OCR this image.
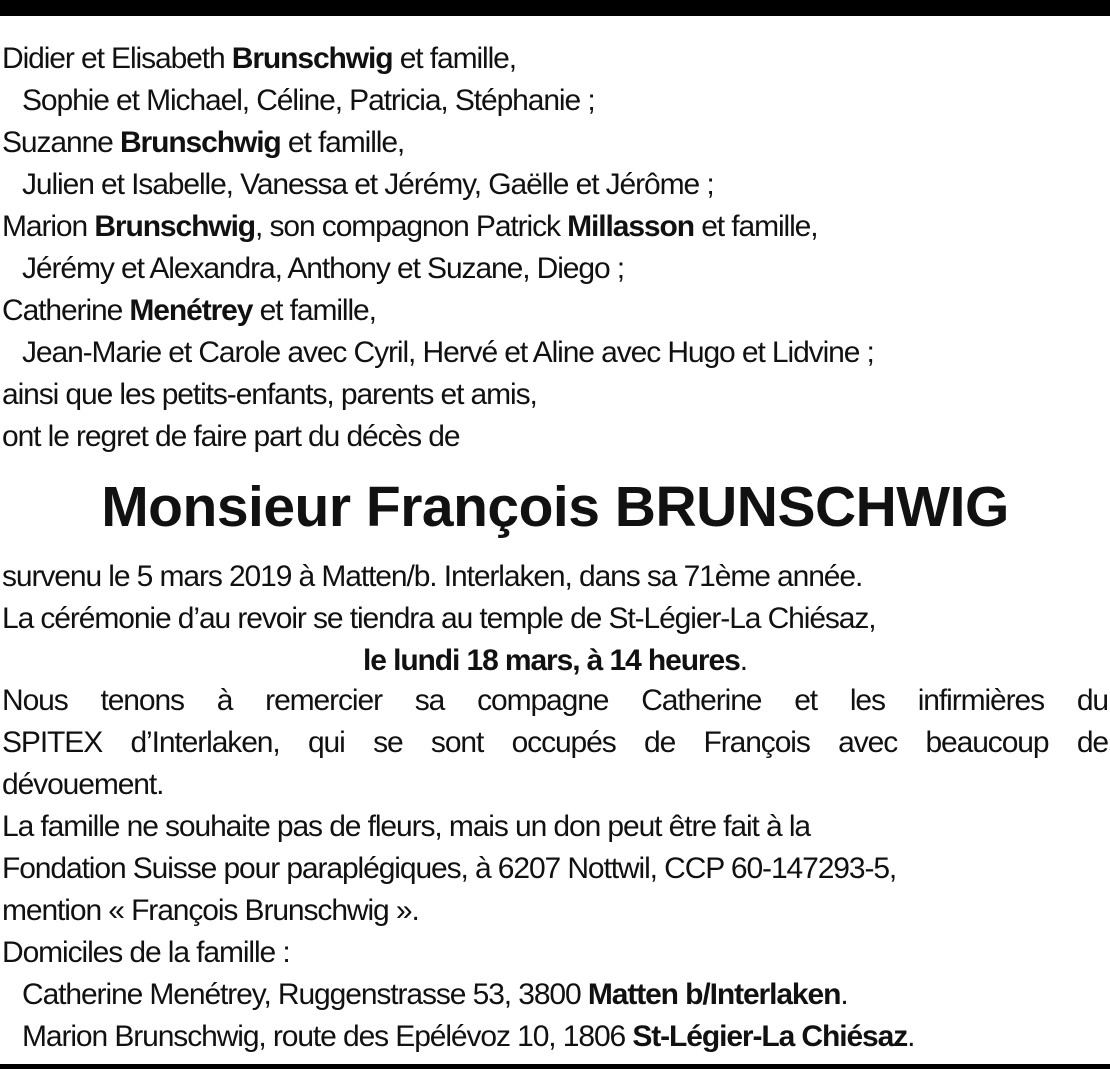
Didier et Elisabeth Brunschwig et famille,
Sophie et Michael, Céline, Patricia, Stéphanie ;
Suzanne Brunschwig et famille,
Julien et Isabelle, Vanessa et Jérémy, Gaëlle et Jérôme ;
Marion Brunschwig, son compagnon Patrick Millasson et famille,
Jérémy et Alexandra, Anthony et Suzane, Diego ;
Catherine Menétrey et famille,
Jean-Marie et Carole avec Cyril, Hervé et Aline avec Hugo et Lidvine ;
ainsi que les petits-enfants, parents et amis,
ont le regret de faire part du décès de
Monsieur François BRUNSCHWIG
survenu le 5 mars 2019 à Matten/b. Interlaken, dans sa 71ème année.
La cérémonie d’au revoir se tiendra au temple de St-Légier-La Chiésaz,
le lundi 18 mars, à 14 heures.
Nous tenons à remercier sa compagne Catherine et les infirmières du
SPITEX d’Interlaken, qui se sont occupés de François avec beaucoup de
dévouement.
La famille ne souhaite pas de fleurs, mais un don peut être fait à la
Fondation Suisse pour paraplégiques, à 6207 Nottwil, CCP 60-147293-5,
mention « François Brunschwig ».
Domiciles de la famille :
Catherine Menétrey, Ruggenstrasse 53, 3800 Matten b/Interlaken.
Marion Brunschwig, route des Epélévoz 10, 1806 St-Légier-La Chiésaz.
